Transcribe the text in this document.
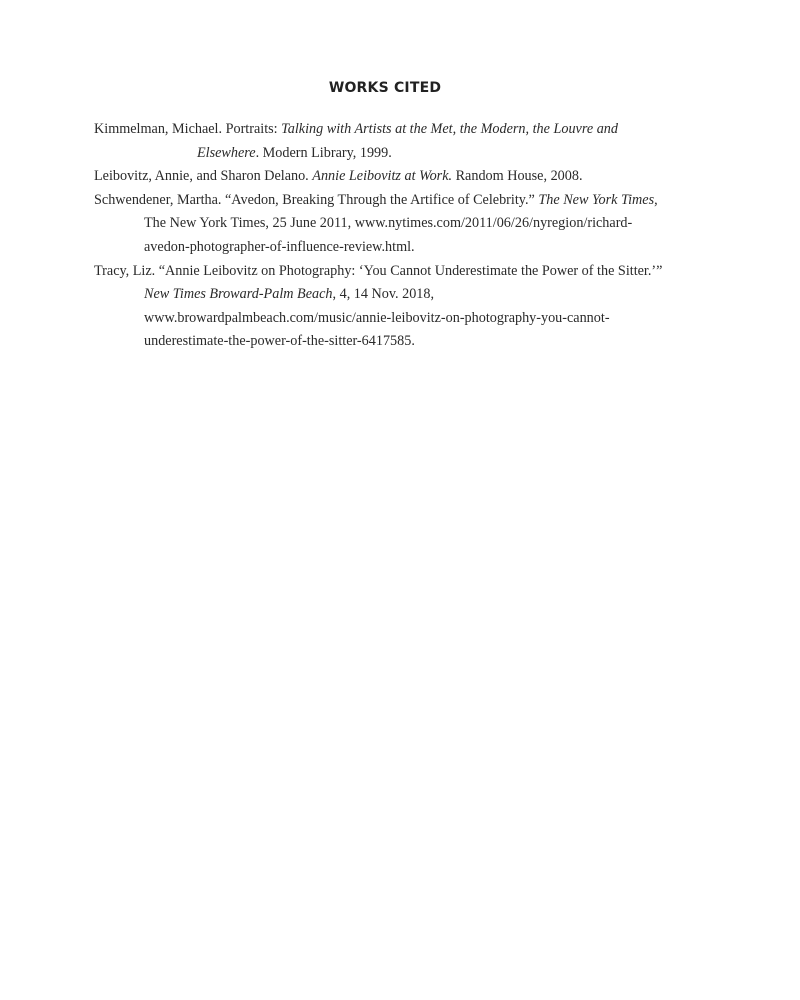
WORKS CITED

Kimmelman, Michael. Portraits: Talking with Artists at the Met, the Modern, the Louvre and
Elsewhere. Modern Library, 1999.

Leibovitz, Annie, and Sharon Delano. Annie Leibovitz at Work. Random House, 2008.

Schwendener, Martha. “Avedon, Breaking Through the Artifice of Celebrity.” The New York Times, The New York Times, 25 June 2011, www.nytimes.com/2011/06/26/nyregion/richard-avedon-photographer-of-influence-review.html.

Tracy, Liz. “Annie Leibovitz on Photography: ‘You Cannot Underestimate the Power of the Sitter.’” New Times Broward-Palm Beach, 4, 14 Nov. 2018, www.browardpalmbeach.com/music/annie-leibovitz-on-photography-you-cannot-underestimate-the-power-of-the-sitter-6417585.
